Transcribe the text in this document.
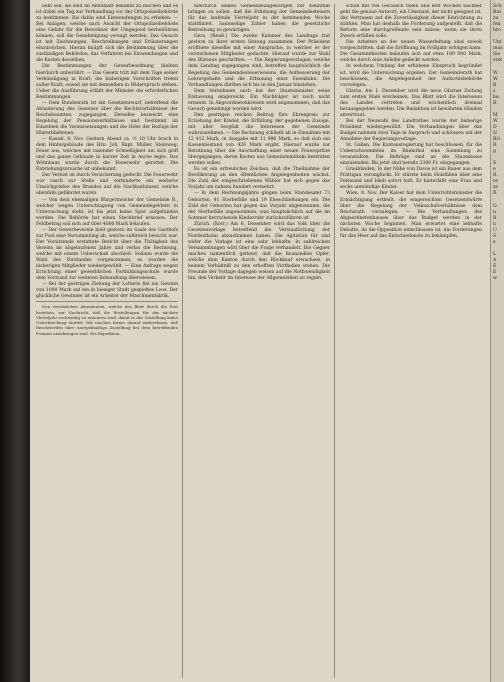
beln soll; sie sind im Amtsblatt bekannt zu machen und es ist dabei ein Tag zur Verhandlung vor der Ortspolizeibehörde zu bestimmen. Bis dahin sind Einwendungen zu erheben. — Bei Anlagen, welche nach Ansicht der Ortspolizeibehörde eine Gefahr für die Bewohner der Umgegend herbeiführen können, soll die Genehmigung versagt werden. Das Gesuch ist mit Zeichnungen, Beschreibungen und Erläuterungen einzureichen. Hieran knüpft sich die Bestimmung über die zuständigen Behörden, das Verfahren bei Einwendungen und die Kosten desselben.

Die Bestimmungen der Gewerbeordnung bleiben hierdurch unberührt. — Das Gesetz tritt mit dem Tage seiner Verkündigung in Kraft; die bisherigen Vorschriften treten außer Kraft, soweit sie mit demselben in Widerspruch stehen. Ueber die Ausführung erläßt der Minister die erforderlichen Bestimmungen.

— Dem Bundesrath ist ein Gesetzentwurf, betreffend die Abänderung des Gesetzes über die Rechtsverhältnisse der Reichsbeamten, zugegangen. Derselbe bezweckt eine Regelung der Pensionsverhältnisse und bestimmt im Einzelnen die Voraussetzungen und die Höhe der Bezüge der Hinterbliebenen.

— Kassel, 8. Nov. Gestern Abend ca. ½ 10 Uhr brach in dem Hintergebäude des Hrn. Joh. Bapt. Müller, Steinweg, Feuer aus, welches mit rasender Schnelligkeit um sich griff und das ganze Gebäude in kurzer Zeit in Asche legte. Das Wohnhaus wurde durch die Feuerwehr gerettet. Die Entstehungsursache ist unbekannt.

Der Verlust ist durch Versicherung gedeckt. Die Feuerwehr war rasch zur Stelle und verhinderte ein weiteres Umsichgreifen des Brandes auf die Nachbarhäuser, welche ebenfalls gefährdet waren.

— Von dem ehemaligen Bürgermeister der Gemeinde B., welcher wegen Unterschlagung von Gemeindegeldern in Untersuchung steht, ist bis jetzt keine Spur aufgefunden worden. Die Behörde hat einen Steckbrief erlassen. Der Fehlbetrag soll sich auf über 4000 Mark belaufen.

— Der Gewerbeverein hielt gestern im Saale des Gasthofs zur Post eine Versammlung ab, welche zahlreich besucht war. Der Vorsitzende erstattete Bericht über die Thätigkeit des Vereins im abgelaufenen Jahre und verlas die Rechnung, welche mit einem Ueberschuß abschloß. Sodann wurde die Wahl des Vorstandes vorgenommen; es wurden die bisherigen Mitglieder wiedergewählt. — Eine Anfrage wegen Errichtung einer gewerblichen Fortbildungsschule wurde dem Vorstand zur weiteren Behandlung überwiesen.

— Bei der gestrigen Ziehung der Lotterie fiel ein Gewinn von 1000 Mark auf ein in hiesiger Stadt gespieltes Loos. Der glückliche Gewinner ist ein Arbeiter der Maschinenfabrik.

Den verehrlichen Abonnenten, welche das Blatt durch die Post beziehen, zur Nachricht, daß die Bestellungen für das nächste Vierteljahr rechtzeitig zu erneuern sind, damit in der Zustellung keine Unterbrechung eintritt. Wir machen ferner darauf aufmerksam, daß Beschwerden über unregelmäßige Zustellung bei dem betreffenden Postamt anzubringen sind. Die Expedition.

hierdurch seinen Gemeindeangehörigen zur Kenntniß bringen zu sollen, daß die Erhebung der Gemeindesteuern für das laufende Vierteljahr in der kommenden Woche stattfindet. Saumselige Zahler haben die gesetzliche Beitreibung zu gewärtigen.

Gera. (Reuß.) Die zweite Kammer des Landtags trat gestern zu ihrer ersten Sitzung zusammen. Der Präsident eröffnete dieselbe mit einer Ansprache, in welcher er der verstorbenen Mitglieder gedachte. Hierauf wurde zur Wahl des Büreaus geschritten. — Die Regierungsvorlagen, welche dem Landtag zugegangen sind, betreffen hauptsächlich die Regelung des Gemeindesteuerwesens, die Aufbesserung der Lehrergehalte und die Erbauung einer Eisenbahn. Die Verhandlungen dürften sich bis in den Januar hinziehen.

Dem Vernehmen nach hat der Staatsminister seine Entlassung eingereicht. Ein Nachfolger ist noch nicht ernannt. In Abgeordnetenkreisen wird angenommen, daß das Gesuch genehmigt werden wird.

Den gestrigen reichen Beitrag fürs Ehrenpreis zur Erziehung der Kinder, die Erfüllung der gegebenen Zusage, mit aller Sorgfalt die Interessen der Gemeinde wahrzunehmen. — Die Rechnung schließt ab in Einnahme mit 12 412 Mark, in Ausgabe mit 11 986 Mark, so daß sich ein Kassenbestand von 426 Mark ergibt. Hierauf wurde zur Berathung über die Anschaffung einer neuen Feuerspritze übergegangen, deren Kosten aus Gemeindemitteln bestritten werden sollen.

Es ist ein erfreuliches Zeichen, daß die Theilnahme der Bevölkerung an den öffentlichen Angelegenheiten wächst. Die Zahl der eingeschriebenen Wähler hat sich gegen das Vorjahr um nahezu hundert vermehrt.

— In dem Rechnungsjahre gingen beim Standesamt 73 Geburten, 41 Sterbefälle und 19 Eheschließungen ein. Die Zahl der Geburten hat gegen das Vorjahr abgenommen, die der Sterbefälle zugenommen, was hauptsächlich auf die im Sommer herrschende Kinderruhr zurückzuführen ist.

Zürich. (Korr.) Am 6. Dezember wird das Volk über die Gesetzesvorlage betreffend die Verstaatlichung der Nordostbahn abzustimmen haben. Die Agitation für und wider die Vorlage ist eine sehr lebhafte. In zahlreichen Versammlungen wird über die Frage verhandelt. Die Gegner machen namentlich geltend, daß die finanziellen Opfer, welche dem Kanton durch den Rückkauf erwachsen, in keinem Verhältniß zu den erhofften Vortheilen stehen. Die Freunde der Vorlage dagegen weisen auf die Nothwendigkeit hin, den Verkehr im Interesse der Allgemeinheit zu regeln.

schon mit viel Geräusch fallen und erst Wochen nachher geht die genaue Antwort, ein Umstand, der nicht geeignet ist, das Vertrauen auf die Zuverlässigkeit dieser Einrichtung zu stärken. Man hat deshalb die Forderung aufgestellt, daß die Reform eine durchgreifende sein müsse, wenn sie ihren Zweck erfüllen solle.

Die Arbeiten an der neuen Wasserleitung sind soweit vorgeschritten, daß die Eröffnung im Frühjahr erfolgen kann. Die Gesammtkosten belaufen sich auf etwa 180 000 Mark, welche durch eine Anleihe gedeckt werden.

In welchem Umfang der erhobene Einspruch begründet ist, wird die Untersuchung ergeben. Der Gemeinderath hat beschlossen, die Angelegenheit der Aufsichtsbehörde vorzulegen.

Glarus. Am 1. Dezember wird die neue Glarner Zeitung zum ersten Male erscheinen. Das Blatt wird die Interessen des Landes vertreten und wöchentlich dreimal herausgegeben werden. Die Redaktion ist bewährten Händen anvertraut.

Bei der Neuwahl des Landrathes wurde der bisherige Präsident wiedergewählt. Die Verhandlungen über das Budget nahmen zwei Tage in Anspruch und schlossen mit der Annahme der Regierungsvorlage.

St. Gallen. Die Kantonsregierung hat beschlossen, für die Ueberschwemmten im Rheinthal eine Sammlung zu veranstalten. Die Beiträge sind an die Staatskasse einzusenden. Bis jetzt sind bereits 2300 Fr. eingegangen.

Graubünden. In der Nähe von Davos ist ein Bauer aus dem Prättigau verunglückt. Er stürzte beim Holzfällen über eine Felswand und blieb sofort todt. Er hinterläßt eine Frau und sechs unmündige Kinder.

Wien, 8. Nov. Der Kaiser hat dem Unterrichtsminister die Ermächtigung ertheilt, die eingereichten Gesetzentwürfe über die Regelung der Volksschulverhältnisse dem Reichsrath vorzulegen. — Die Verhandlungen des Abgeordnetenhauses über das Budget werden in der nächsten Woche beginnen. Man erwartet eine lebhafte Debatte, da die Opposition entschlossen ist, die Forderungen für das Heer auf das Entschiedenste zu bekämpfen.

Sch
Bul
zu
fen
bro

Unt
mus
Sie
erst

W
W
B
s
be
R

M
W
D
N
Bri
R
g

S
e
R
re
ze
R

G
n
B
n
U
S
e

L
A
E
E
w
